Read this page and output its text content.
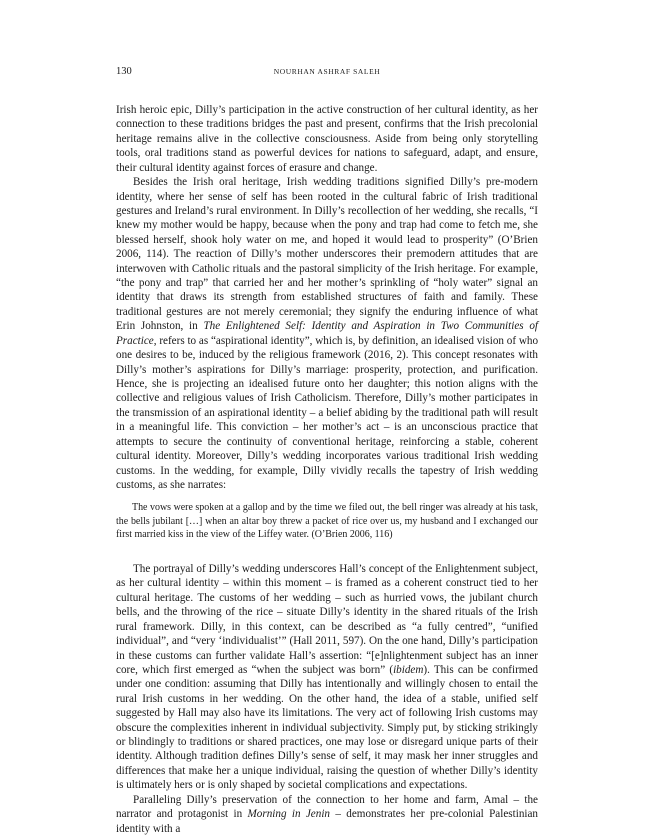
130	NOURHAN ASHRAF SALEH

Irish heroic epic, Dilly’s participation in the active construction of her cultural identity, as her connection to these traditions bridges the past and present, confirms that the Irish precolonial heritage remains alive in the collective consciousness. Aside from being only storytelling tools, oral traditions stand as powerful devices for nations to safeguard, adapt, and ensure, their cultural identity against forces of erasure and change.

Besides the Irish oral heritage, Irish wedding traditions signified Dilly’s pre-modern identity, where her sense of self has been rooted in the cultural fabric of Irish traditional gestures and Ireland’s rural environment. In Dilly’s recollection of her wedding, she recalls, “I knew my mother would be happy, because when the pony and trap had come to fetch me, she blessed herself, shook holy water on me, and hoped it would lead to prosperity” (O’Brien 2006, 114). The reaction of Dilly’s mother underscores their premodern attitudes that are interwoven with Catholic rituals and the pastoral simplicity of the Irish heritage. For example, “the pony and trap” that carried her and her mother’s sprinkling of “holy water” signal an identity that draws its strength from established structures of faith and family. These traditional gestures are not merely ceremonial; they signify the enduring influence of what Erin Johnston, in The Enlightened Self: Identity and Aspiration in Two Communities of Practice, refers to as “aspirational identity”, which is, by definition, an idealised vision of who one desires to be, induced by the religious framework (2016, 2). This concept resonates with Dilly’s mother’s aspirations for Dilly’s marriage: prosperity, protection, and purification. Hence, she is projecting an idealised future onto her daughter; this notion aligns with the collective and religious values of Irish Catholicism. Therefore, Dilly’s mother participates in the transmission of an aspirational identity – a belief abiding by the traditional path will result in a meaningful life. This conviction – her mother’s act – is an unconscious practice that attempts to secure the continuity of conventional heritage, reinforcing a stable, coherent cultural identity. Moreover, Dilly’s wedding incorporates various traditional Irish wedding customs. In the wedding, for example, Dilly vividly recalls the tapestry of Irish wedding customs, as she narrates:

The vows were spoken at a gallop and by the time we filed out, the bell ringer was already at his task, the bells jubilant […] when an altar boy threw a packet of rice over us, my husband and I exchanged our first married kiss in the view of the Liffey water. (O’Brien 2006, 116)

The portrayal of Dilly’s wedding underscores Hall’s concept of the Enlightenment subject, as her cultural identity – within this moment – is framed as a coherent construct tied to her cultural heritage. The customs of her wedding – such as hurried vows, the jubilant church bells, and the throwing of the rice – situate Dilly’s identity in the shared rituals of the Irish rural framework. Dilly, in this context, can be described as “a fully centred”, “unified individual”, and “very ‘individualist’” (Hall 2011, 597). On the one hand, Dilly’s participation in these customs can further validate Hall’s assertion: “[e]nlightenment subject has an inner core, which first emerged as “when the subject was born” (ibidem). This can be confirmed under one condition: assuming that Dilly has intentionally and willingly chosen to entail the rural Irish customs in her wedding. On the other hand, the idea of a stable, unified self suggested by Hall may also have its limitations. The very act of following Irish customs may obscure the complexities inherent in individual subjectivity. Simply put, by sticking strikingly or blindingly to traditions or shared practices, one may lose or disregard unique parts of their identity. Although tradition defines Dilly’s sense of self, it may mask her inner struggles and differences that make her a unique individual, raising the question of whether Dilly’s identity is ultimately hers or is only shaped by societal complications and expectations.

Paralleling Dilly’s preservation of the connection to her home and farm, Amal – the narrator and protagonist in Morning in Jenin – demonstrates her pre-colonial Palestinian identity with a
